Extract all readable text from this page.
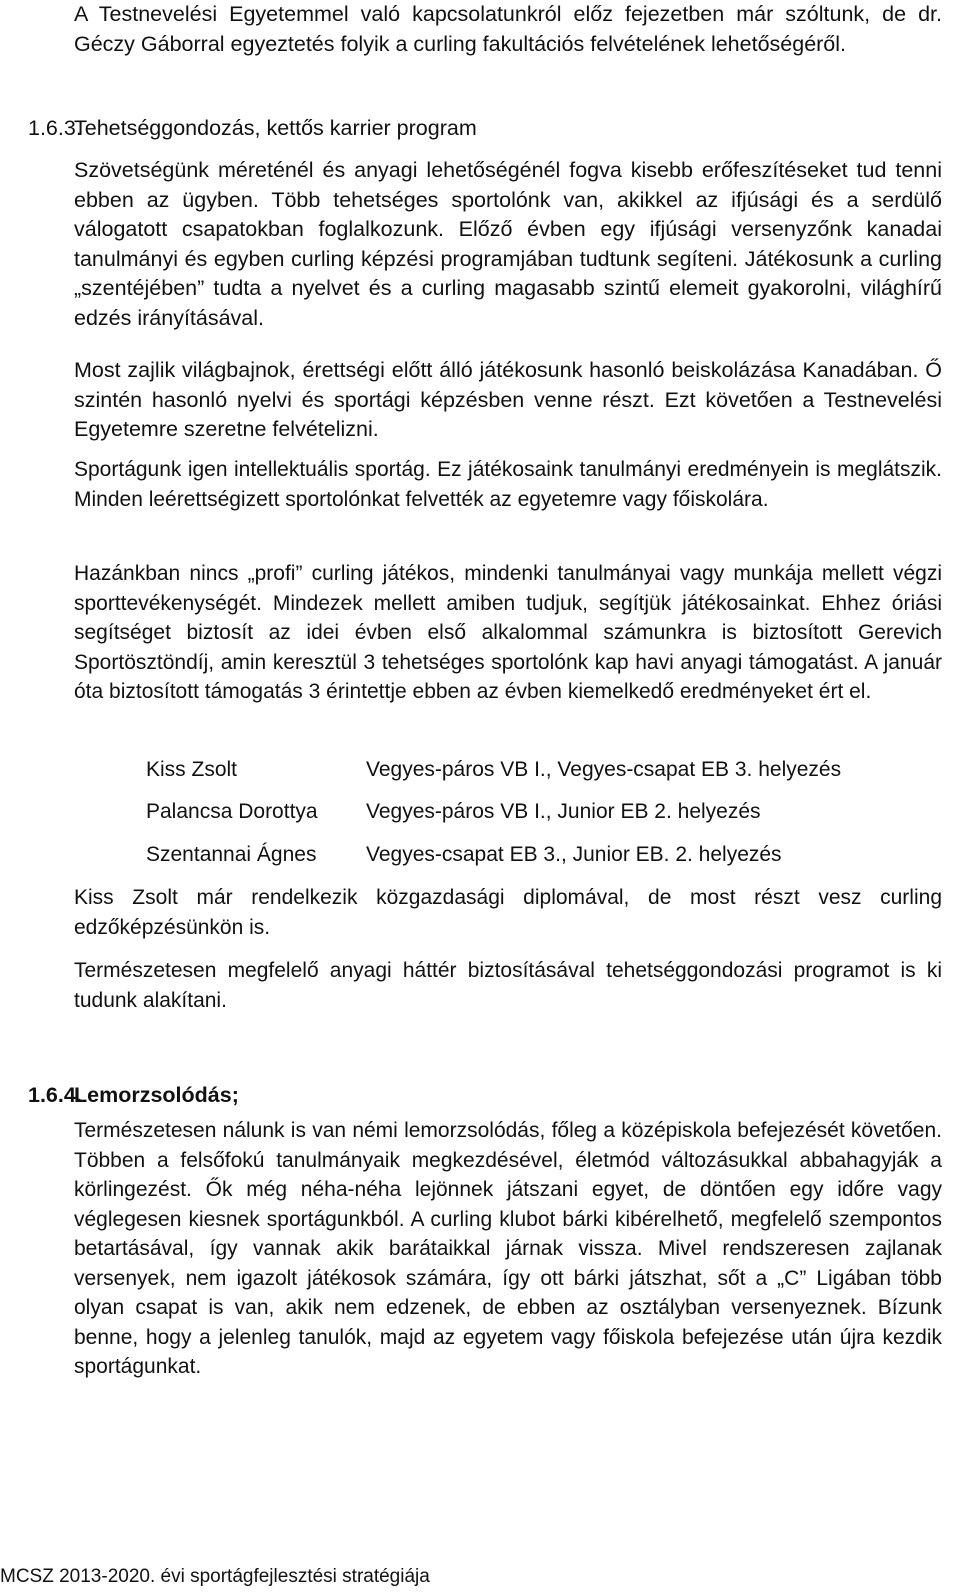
A Testnevelési Egyetemmel való kapcsolatunkról előz fejezetben már szóltunk, de dr. Géczy Gáborral egyeztetés folyik a curling fakultációs felvételének lehetőségéről.

1.6.3.
Tehetséggondozás, kettős karrier program

Szövetségünk méreténél és anyagi lehetőségénél fogva kisebb erőfeszítéseket tud tenni ebben az ügyben. Több tehetséges sportolónk van, akikkel az ifjúsági és a serdülő válogatott csapatokban foglalkozunk. Előző évben egy ifjúsági versenyzőnk kanadai tanulmányi és egyben curling képzési programjában tudtunk segíteni. Játékosunk a curling „szentéjében” tudta a nyelvet és a curling magasabb szintű elemeit gyakorolni, világhírű edzés irányításával.

Most zajlik világbajnok, érettségi előtt álló játékosunk hasonló beiskolázása Kanadában. Ő szintén hasonló nyelvi és sportági képzésben venne részt. Ezt követően a Testnevelési Egyetemre szeretne felvételizni.

Sportágunk igen intellektuális sportág. Ez játékosaink tanulmányi eredményein is meglátszik. Minden leérettségizett sportolónkat felvették az egyetemre vagy főiskolára.

Hazánkban nincs „profi” curling játékos, mindenki tanulmányai vagy munkája mellett végzi sporttevékenységét. Mindezek mellett amiben tudjuk, segítjük játékosainkat. Ehhez óriási segítséget biztosít az idei évben első alkalommal számunkra is biztosított Gerevich Sportösztöndíj, amin keresztül 3 tehetséges sportolónk kap havi anyagi támogatást. A január óta biztosított támogatás 3 érintettje ebben az évben kiemelkedő eredményeket ért el.

Kiss Zsolt	Vegyes-páros VB I., Vegyes-csapat EB 3. helyezés
Palancsa Dorottya Vegyes-páros VB I., Junior EB 2. helyezés
Szentannai Ágnes Vegyes-csapat EB 3., Junior EB. 2. helyezés

Kiss Zsolt már rendelkezik közgazdasági diplomával, de most részt vesz curling edzőképzésünkön is.

Természetesen megfelelő anyagi háttér biztosításával tehetséggondozási programot is ki tudunk alakítani.

1.6.4.
Lemorzsolódás;

Természetesen nálunk is van némi lemorzsolódás, főleg a középiskola befejezését követően. Többen a felsőfokú tanulmányaik megkezdésével, életmód változásukkal abbahagyják a körlingezést. Ők még néha-néha lejönnek játszani egyet, de döntően egy időre vagy véglegesen kiesnek sportágunkból. A curling klubot bárki kibérelhető, megfelelő szempontos betartásával, így vannak akik barátaikkal járnak vissza. Mivel rendszeresen zajlanak versenyek, nem igazolt játékosok számára, így ott bárki játszhat, sőt a „C” Ligában több olyan csapat is van, akik nem edzenek, de ebben az osztályban versenyeznek. Bízunk benne, hogy a jelenleg tanulók, majd az egyetem vagy főiskola befejezése után újra kezdik sportágunkat.

MCSZ 2013-2020. évi sportágfejlesztési stratégiája
